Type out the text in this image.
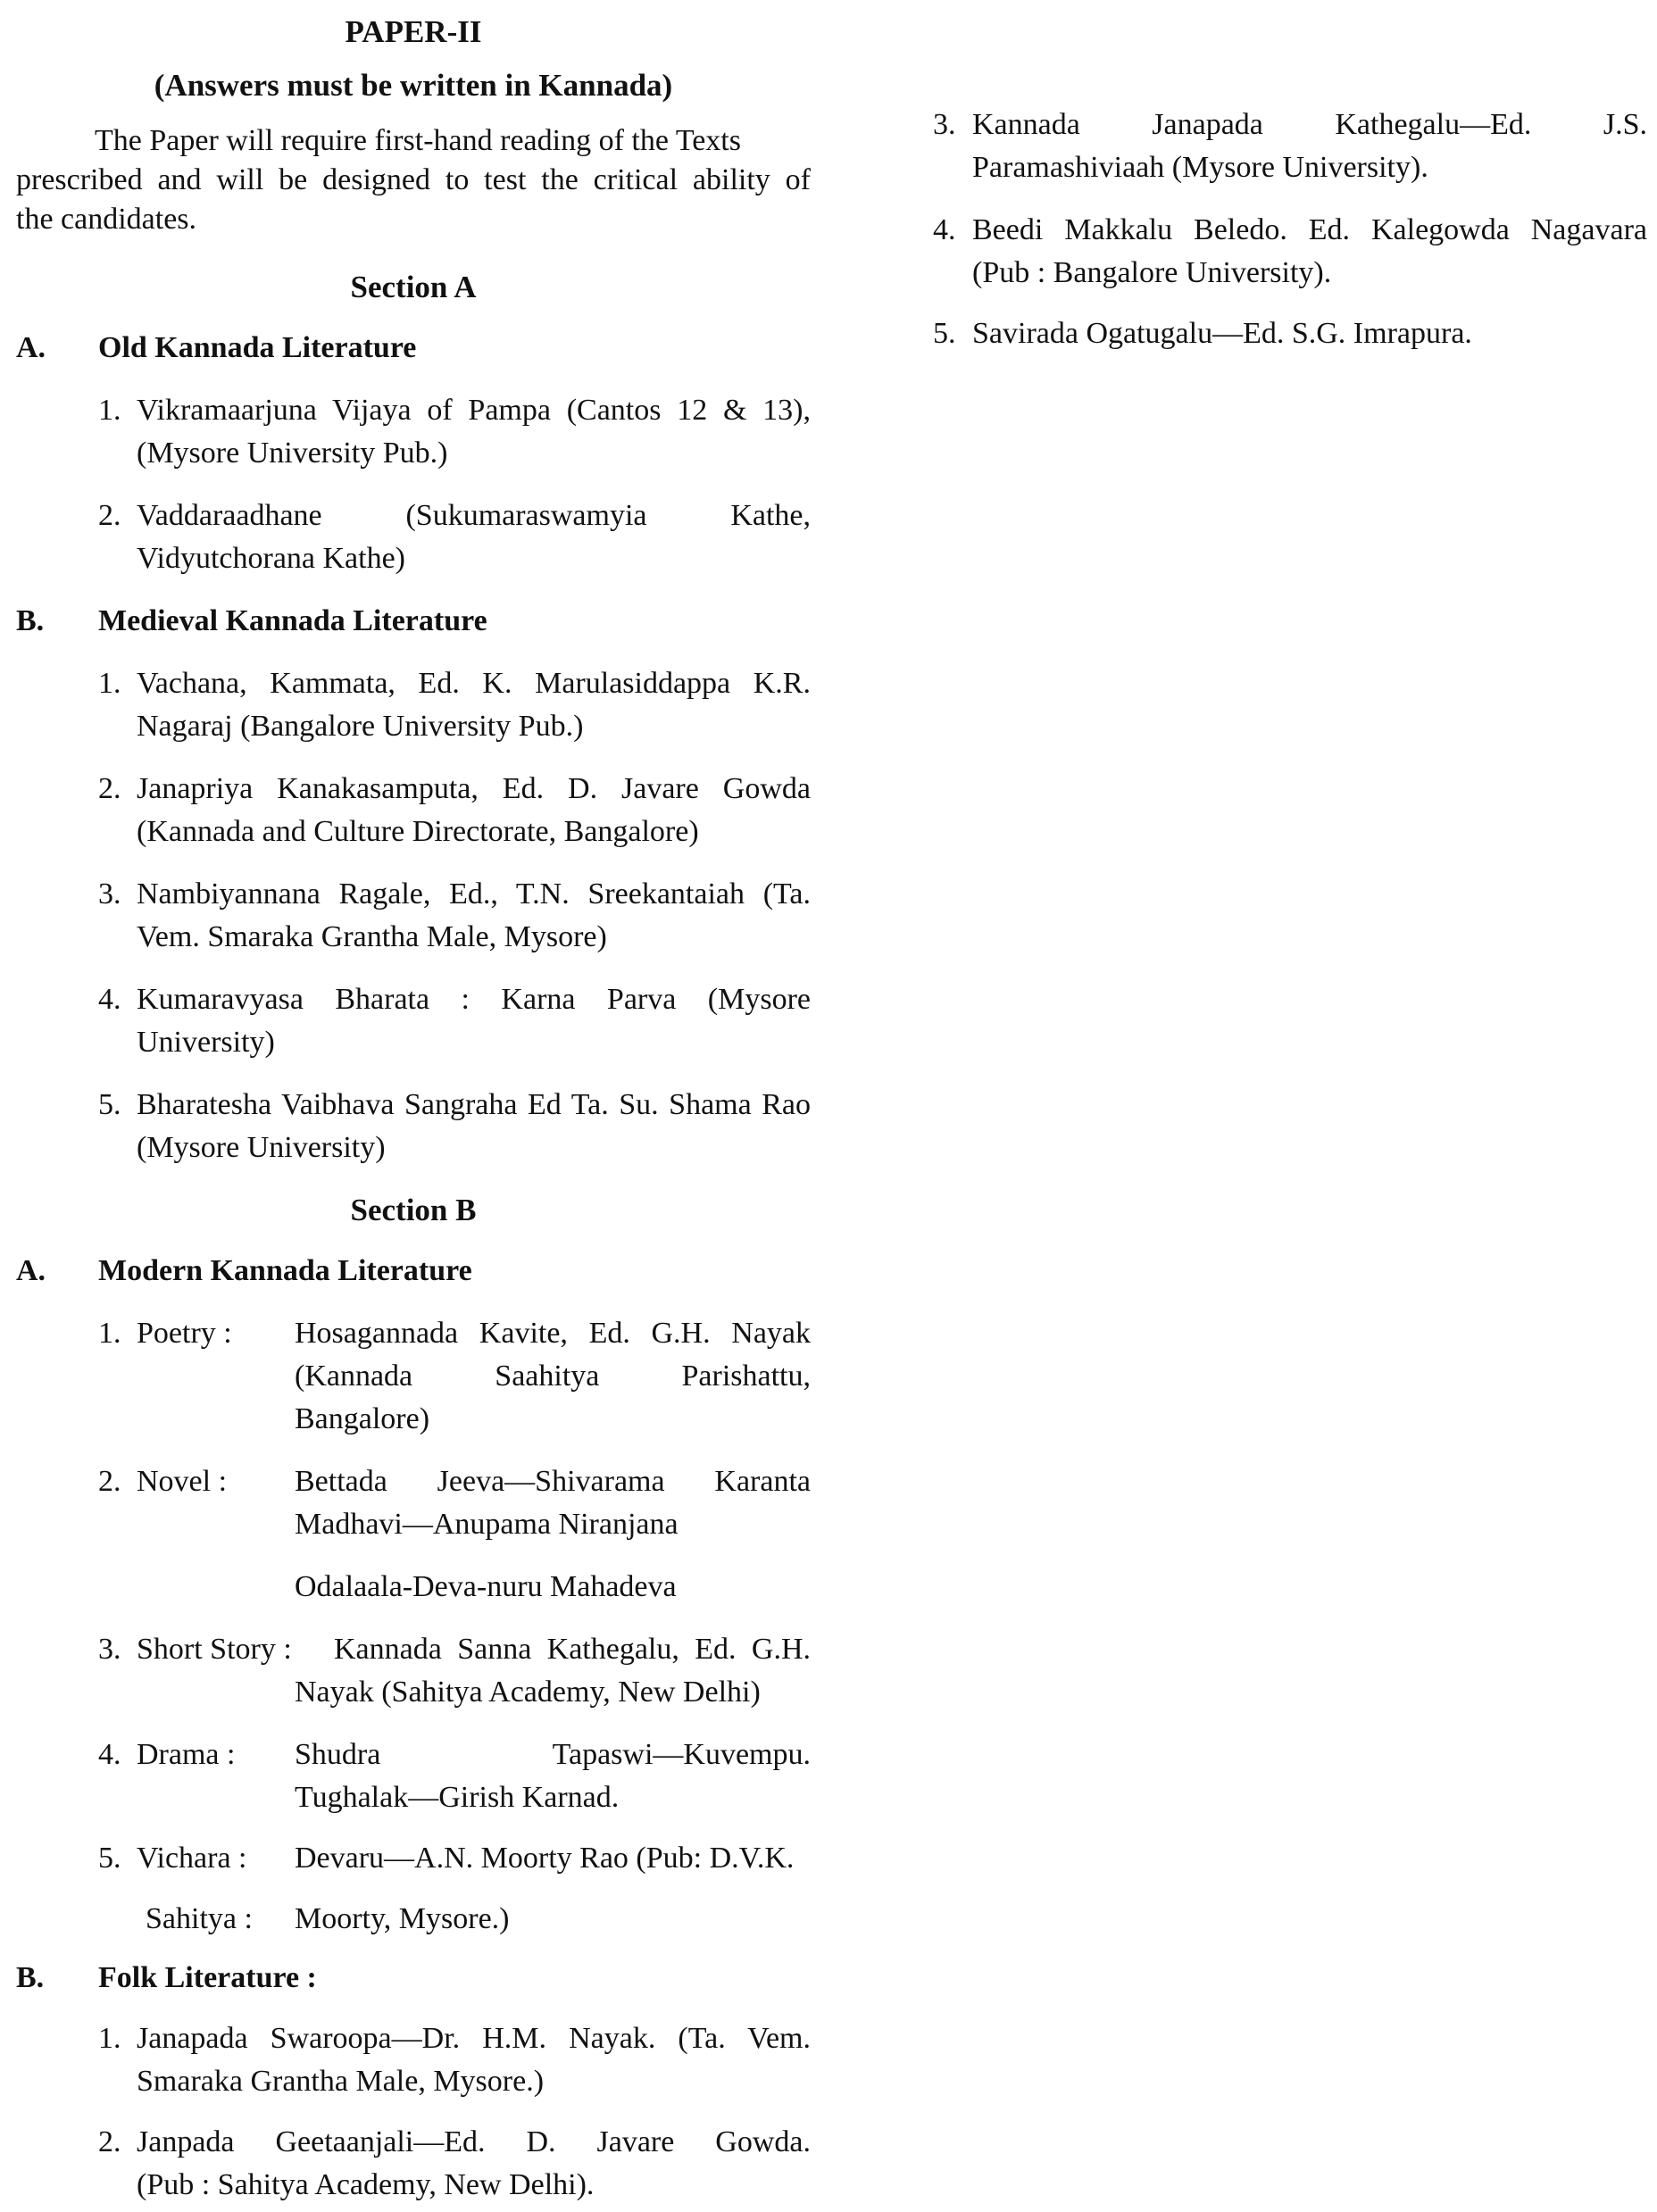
PAPER-II
(Answers must be written in Kannada)
The Paper will require first-hand reading of the Texts
prescribed and will be designed to test the critical ability of
the candidates.
Section A
A. Old Kannada Literature
1. Vikramaarjuna Vijaya of Pampa (Cantos 12 & 13),
(Mysore University Pub.)
2. Vaddaraadhane (Sukumaraswamyia Kathe,
Vidyutchorana Kathe)
B. Medieval Kannada Literature
1. Vachana, Kammata, Ed. K. Marulasiddappa K.R.
Nagaraj (Bangalore University Pub.)
2. Janapriya Kanakasamputa, Ed. D. Javare Gowda
(Kannada and Culture Directorate, Bangalore)
3. Nambiyannana Ragale, Ed., T.N. Sreekantaiah (Ta.
Vem. Smaraka Grantha Male, Mysore)
4. Kumaravyasa Bharata : Karna Parva (Mysore
University)
5. Bharatesha Vaibhava Sangraha Ed Ta. Su. Shama Rao
(Mysore University)
Section B
A. Modern Kannada Literature
1. Poetry : Hosagannada Kavite, Ed. G.H. Nayak
(Kannada Saahitya Parishattu,
Bangalore)
2. Novel : Bettada Jeeva—Shivarama Karanta
Madhavi—Anupama Niranjana
Odalaala-Deva-nuru Mahadeva
3. Short Story : Kannada Sanna Kathegalu, Ed. G.H.
Nayak (Sahitya Academy, New Delhi)
4. Drama : Shudra Tapaswi—Kuvempu.
Tughalak—Girish Karnad.
5. Vichara : Devaru—A.N. Moorty Rao (Pub: D.V.K.
Sahitya : Moorty, Mysore.)
B. Folk Literature :
1. Janapada Swaroopa—Dr. H.M. Nayak. (Ta. Vem.
Smaraka Grantha Male, Mysore.)
2. Janpada Geetaanjali—Ed. D. Javare Gowda.
(Pub : Sahitya Academy, New Delhi).
3. Kannada Janapada Kathegalu—Ed. J.S.
Paramashiviaah (Mysore University).
4. Beedi Makkalu Beledo. Ed. Kalegowda Nagavara
(Pub : Bangalore University).
5. Savirada Ogatugalu—Ed. S.G. Imrapura.
